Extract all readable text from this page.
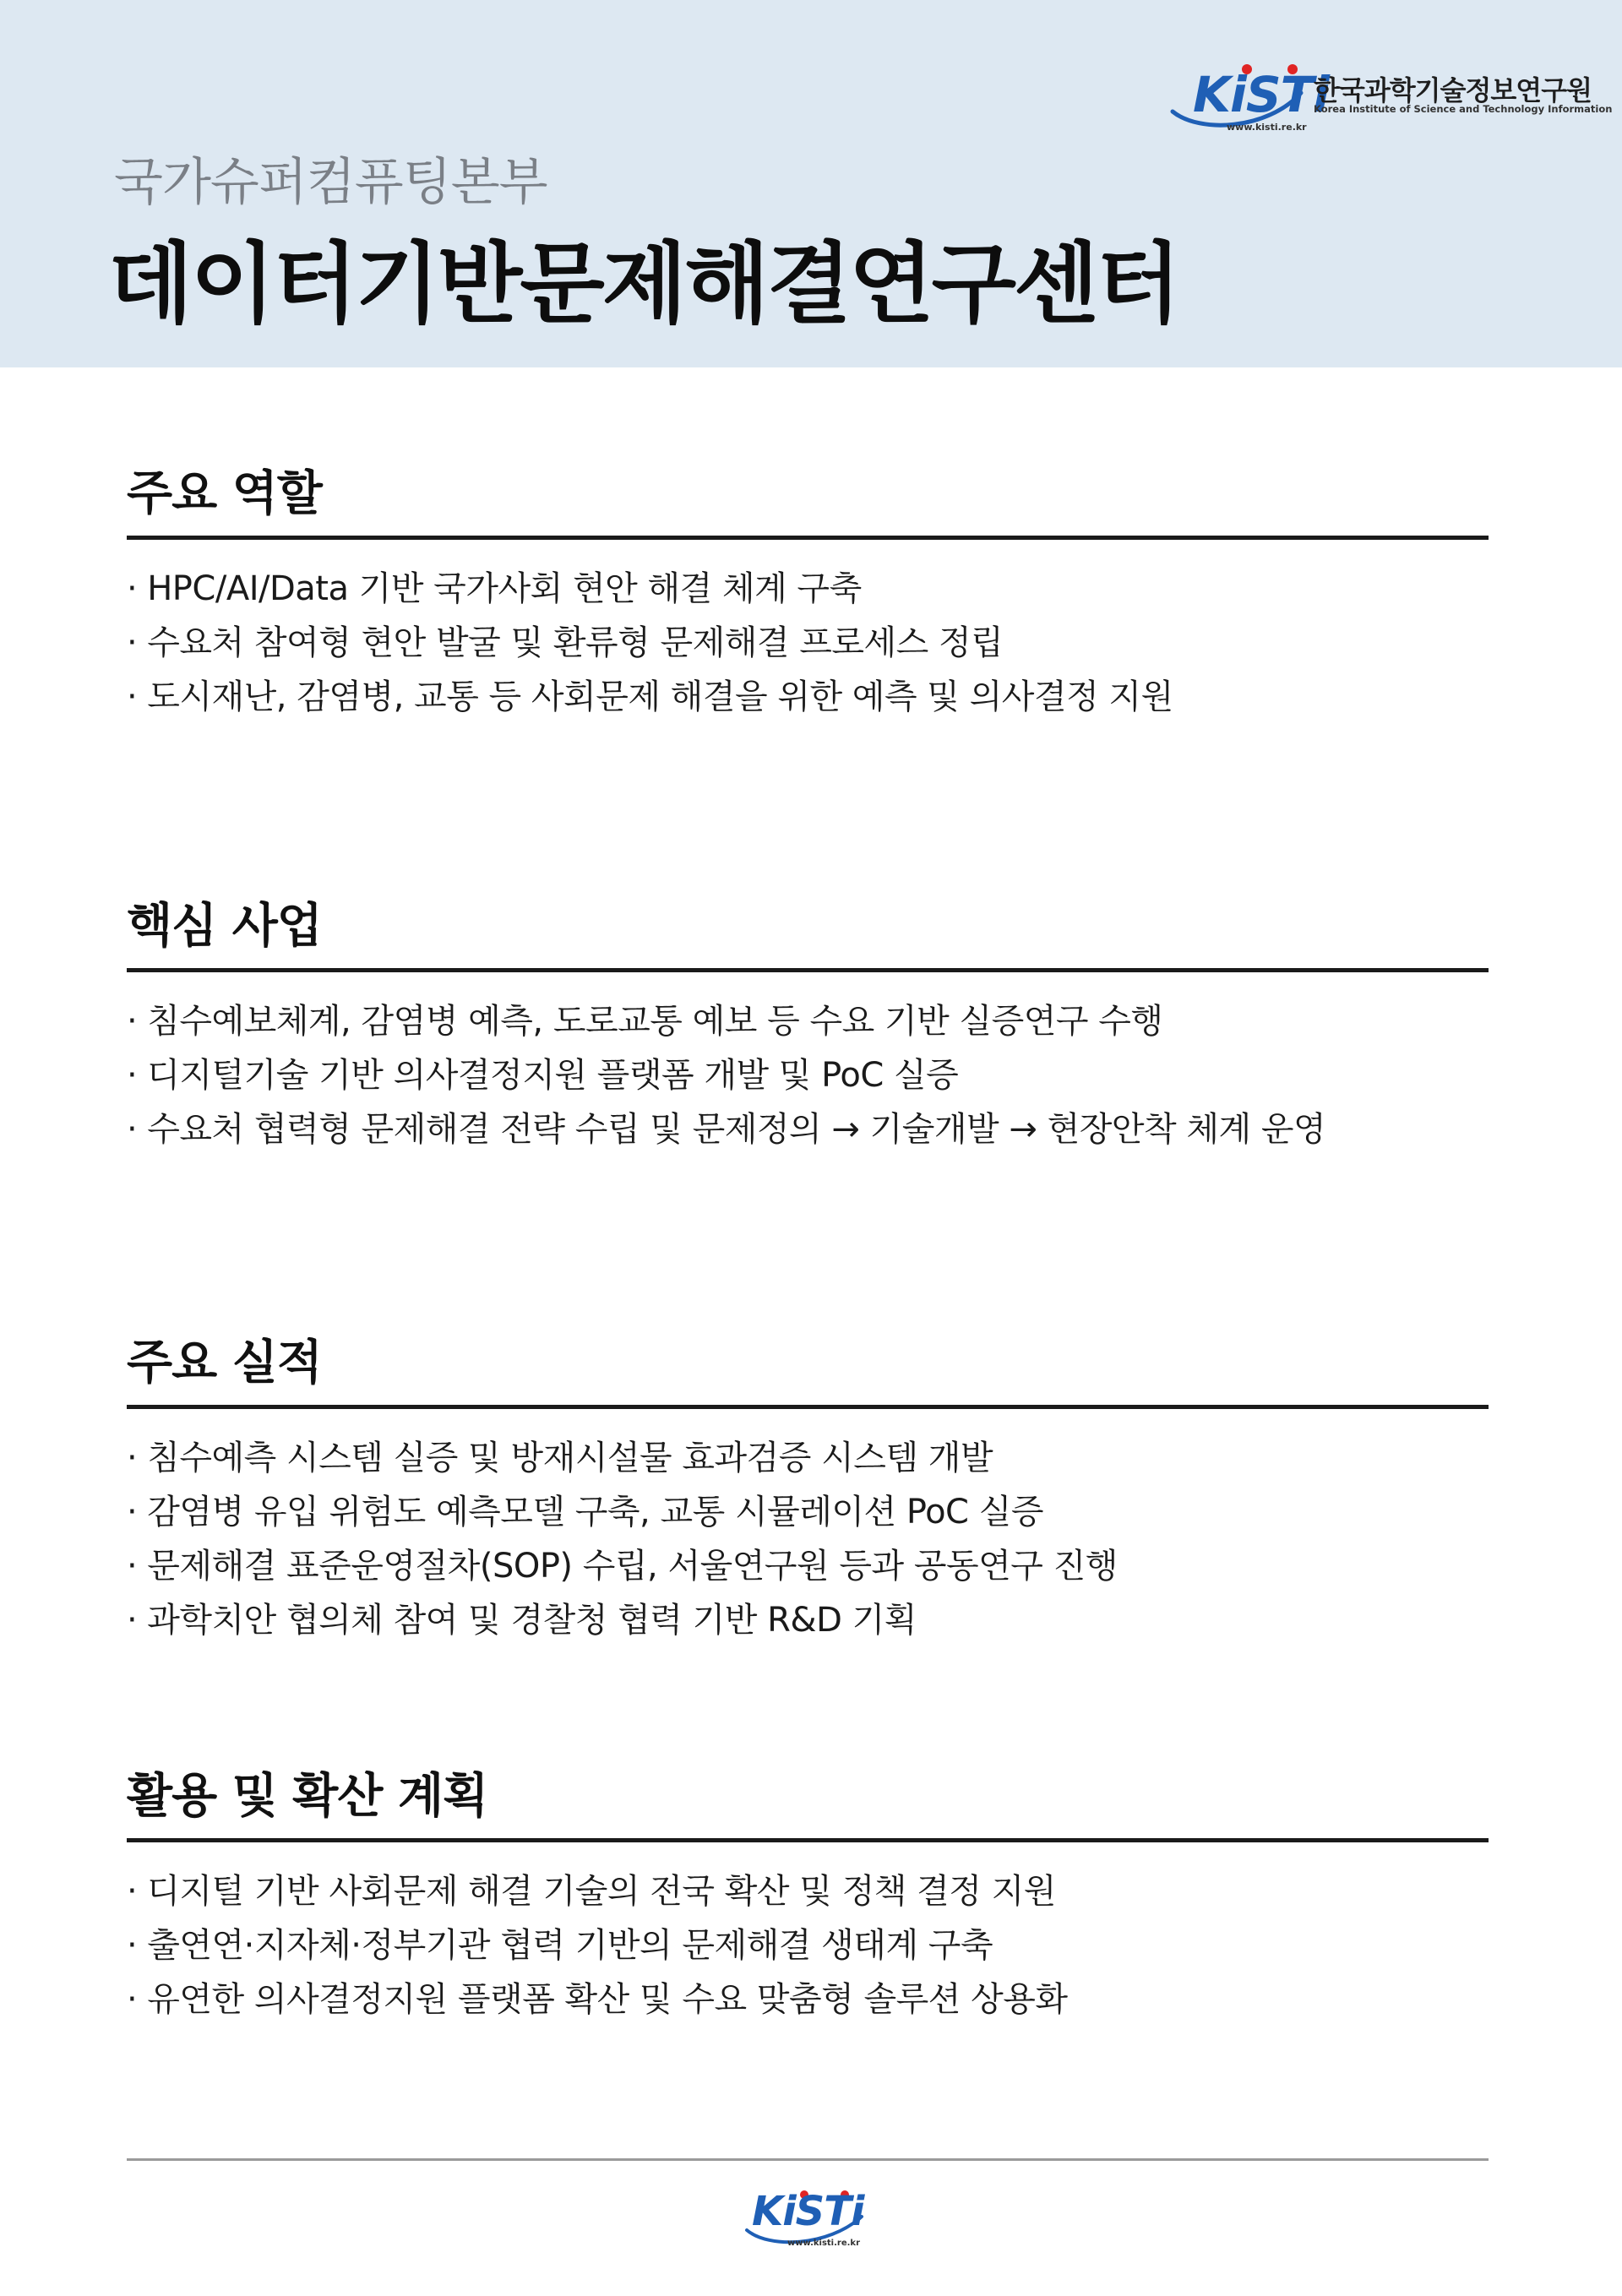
KiSTi
www.kisti.re.kr
한국과학기술정보연구원
Korea Institute of Science and Technology Information
국가슈퍼컴퓨팅본부
데이터기반문제해결연구센터
주요 역할
· HPC/AI/Data 기반 국가사회 현안 해결 체계 구축
· 수요처 참여형 현안 발굴 및 환류형 문제해결 프로세스 정립
· 도시재난, 감염병, 교통 등 사회문제 해결을 위한 예측 및 의사결정 지원
핵심 사업
· 침수예보체계, 감염병 예측, 도로교통 예보 등 수요 기반 실증연구 수행
· 디지털기술 기반 의사결정지원 플랫폼 개발 및 PoC 실증
· 수요처 협력형 문제해결 전략 수립 및 문제정의 → 기술개발 → 현장안착 체계 운영
주요 실적
· 침수예측 시스템 실증 및 방재시설물 효과검증 시스템 개발
· 감염병 유입 위험도 예측모델 구축, 교통 시뮬레이션 PoC 실증
· 문제해결 표준운영절차(SOP) 수립, 서울연구원 등과 공동연구 진행
· 과학치안 협의체 참여 및 경찰청 협력 기반 R&D 기획
활용 및 확산 계획
· 디지털 기반 사회문제 해결 기술의 전국 확산 및 정책 결정 지원
· 출연연·지자체·정부기관 협력 기반의 문제해결 생태계 구축
· 유연한 의사결정지원 플랫폼 확산 및 수요 맞춤형 솔루션 상용화
KiSTi
www.kisti.re.kr
